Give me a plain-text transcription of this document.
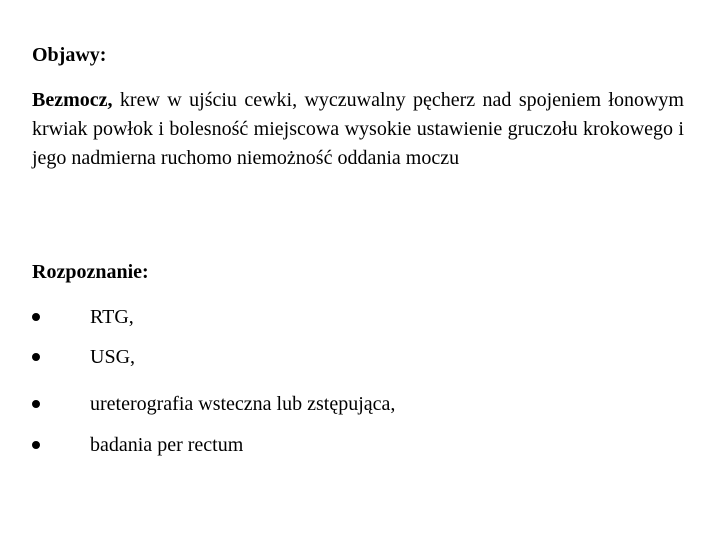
Objawy:

Bezmocz, krew w ujściu cewki, wyczuwalny pęcherz nad spojeniem łonowym krwiak powłok i bolesność miejscowa wysokie ustawienie gruczołu krokowego i jego nadmierna ruchomo niemożność oddania moczu

Rozpoznanie:
RTG,
USG,
ureterografia wsteczna lub zstępująca,
badania per rectum
